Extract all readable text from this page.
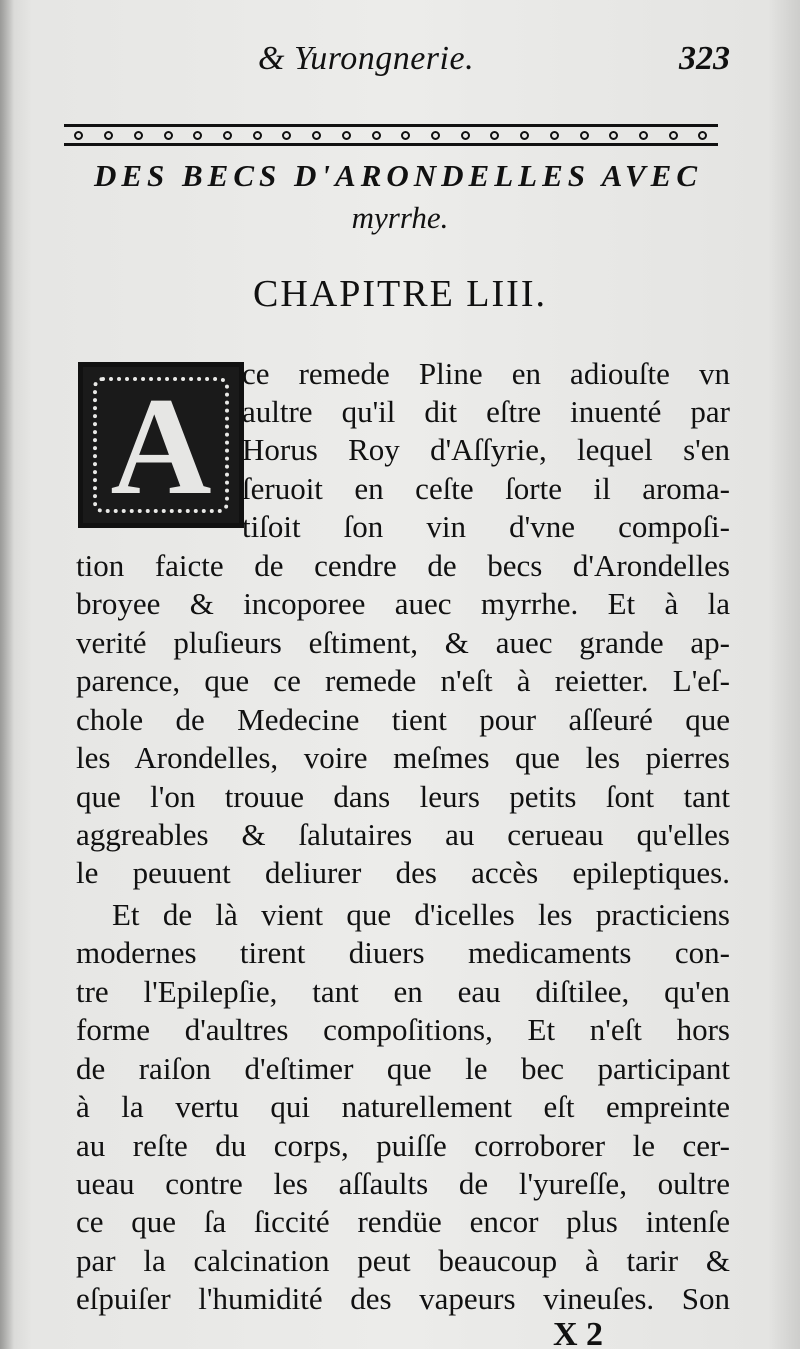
& Yurongnerie.	323
DES BECS D'ARONDELLES AVEC
myrrhe.
CHAPITRE LIII.
A ce remede Pline en adiouſte vn
aultre qu'il dit eſtre inuenté par
Horus Roy d'Aſſyrie, lequel s'en
ſeruoit en ceſte ſorte il aroma-
tiſoit ſon vin d'vne compoſi-
tion faicte de cendre de becs d'Arondelles
broyee & incoporee auec myrrhe. Et à la
verité pluſieurs eſtiment, & auec grande ap-
parence, que ce remede n'eſt à reietter. L'eſ-
chole de Medecine tient pour aſſeuré que
les Arondelles, voire meſmes que les pierres
que l'on trouue dans leurs petits ſont tant
aggreables & ſalutaires au cerueau qu'elles
le peuuent deliurer des accès epileptiques.
Et de là vient que d'icelles les practiciens
modernes tirent diuers medicaments con-
tre l'Epilepſie, tant en eau diſtilee, qu'en
forme d'aultres compoſitions, Et n'eſt hors
de raiſon d'eſtimer que le bec participant
à la vertu qui naturellement eſt empreinte
au reſte du corps, puiſſe corroborer le cer-
ueau contre les aſſaults de l'yureſſe, oultre
ce que ſa ſiccité rendüe encor plus intenſe
par la calcination peut beaucoup à tarir &
eſpuiſer l'humidité des vapeurs vineuſes. Son
X 2
